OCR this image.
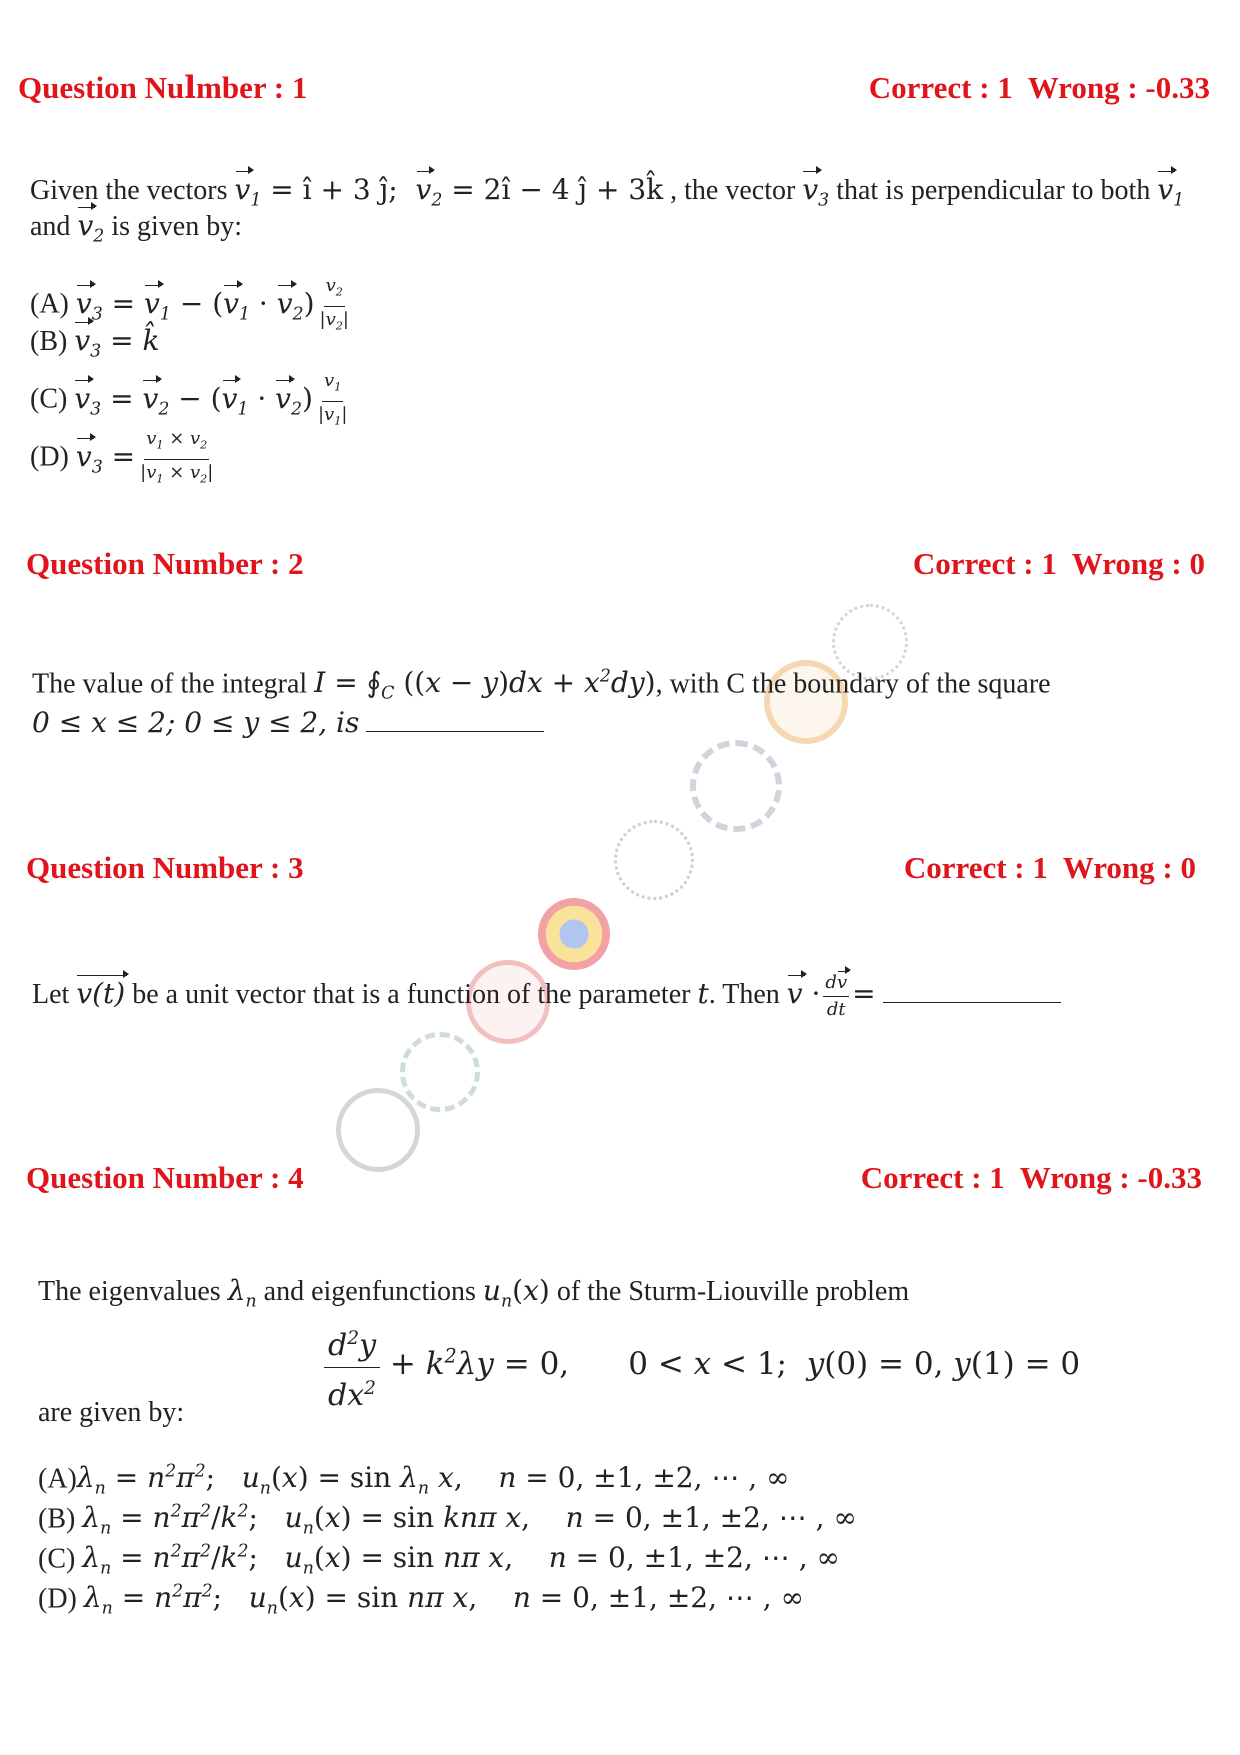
Question Nuⅼmber : 1	Correct : 1  Wrong : -0.33
Given the vectors $v_1$ = î + 3 ĵ; $v_2$ = 2î − 4 ĵ + 3k̂ , the vector $v_3$ that is perpendicular to both $v_1$
and $v_2$ is given by:
(A) $v_3 = v_1 - (v_1 \cdot v_2) \frac{v_2}{|v_2|}$
(B) $v_3$ = k̂
(C) $v_3 = v_2 - (v_1 \cdot v_2) \frac{v_1}{|v_1|}$
(D) $v_3 = \frac{v_1 \times v_2}{|v_1 \times v_2|}$
Question Number : 2	Correct : 1  Wrong : 0
The value of the integral $I = ∮_C$ $((x - y)dx + x^2dy)$, with C the boundary of the square
0 ≤ x ≤ 2; 0 ≤ y ≤ 2, is
Question Number : 3	Correct : 1  Wrong : 0
Let v(t) be a unit vector that is a function of the parameter t. Then $v \cdot \frac{dv}{dt}$ =
Question Number : 4	Correct : 1  Wrong : -0.33
The eigenvalues $\lambda_n$ and eigenfunctions $u_n(x)$ of the Sturm-Liouville problem
$\frac{d^2y}{dx^2} + k^2\lambda y = 0$, 0 < x < 1;  y(0) = 0, y(1) = 0
are given by:
$(A)\lambda_n = n^2\pi^2$;   $u_n(x) = \sin \lambda_n$ x,    n = 0, ±1, ±2, ⋯ , ∞
(B) $\lambda_n = n^2\pi^2/k^2$;   $u_n(x) = \sin kn\pi$ x,    n = 0, ±1, ±2, ⋯ , ∞
(C) $\lambda_n = n^2\pi^2/k^2$;   $u_n(x) = \sin n\pi$ x,    n = 0, ±1, ±2, ⋯ , ∞
(D) $\lambda_n = n^2\pi^2$;   $u_n(x) = \sin n\pi$ x,    n = 0, ±1, ±2, ⋯ , ∞
